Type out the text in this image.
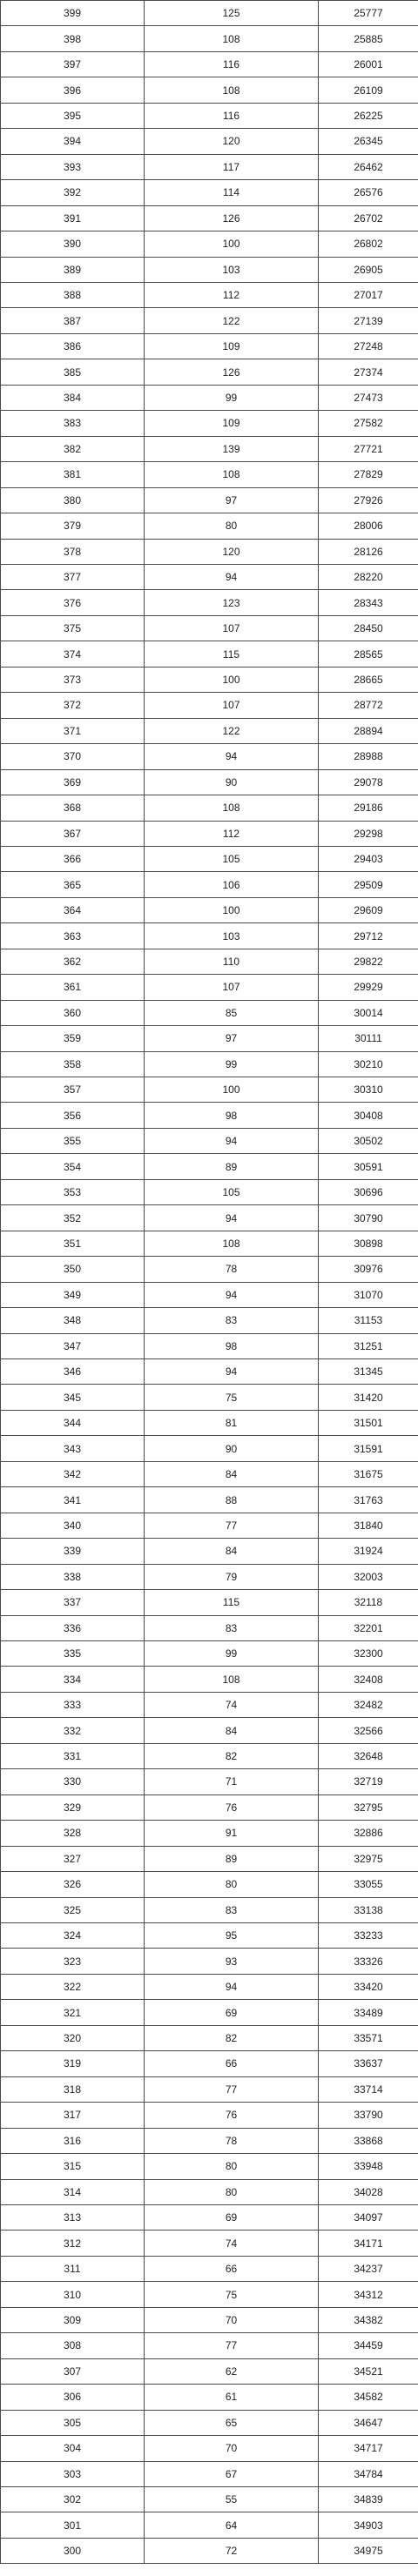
399	125	25777
398	108	25885
397	116	26001
396	108	26109
395	116	26225
394	120	26345
393	117	26462
392	114	26576
391	126	26702
390	100	26802
389	103	26905
388	112	27017
387	122	27139
386	109	27248
385	126	27374
384	99	27473
383	109	27582
382	139	27721
381	108	27829
380	97	27926
379	80	28006
378	120	28126
377	94	28220
376	123	28343
375	107	28450
374	115	28565
373	100	28665
372	107	28772
371	122	28894
370	94	28988
369	90	29078
368	108	29186
367	112	29298
366	105	29403
365	106	29509
364	100	29609
363	103	29712
362	110	29822
361	107	29929
360	85	30014
359	97	30111
358	99	30210
357	100	30310
356	98	30408
355	94	30502
354	89	30591
353	105	30696
352	94	30790
351	108	30898
350	78	30976
349	94	31070
348	83	31153
347	98	31251
346	94	31345
345	75	31420
344	81	31501
343	90	31591
342	84	31675
341	88	31763
340	77	31840
339	84	31924
338	79	32003
337	115	32118
336	83	32201
335	99	32300
334	108	32408
333	74	32482
332	84	32566
331	82	32648
330	71	32719
329	76	32795
328	91	32886
327	89	32975
326	80	33055
325	83	33138
324	95	33233
323	93	33326
322	94	33420
321	69	33489
320	82	33571
319	66	33637
318	77	33714
317	76	33790
316	78	33868
315	80	33948
314	80	34028
313	69	34097
312	74	34171
311	66	34237
310	75	34312
309	70	34382
308	77	34459
307	62	34521
306	61	34582
305	65	34647
304	70	34717
303	67	34784
302	55	34839
301	64	34903
300	72	34975
